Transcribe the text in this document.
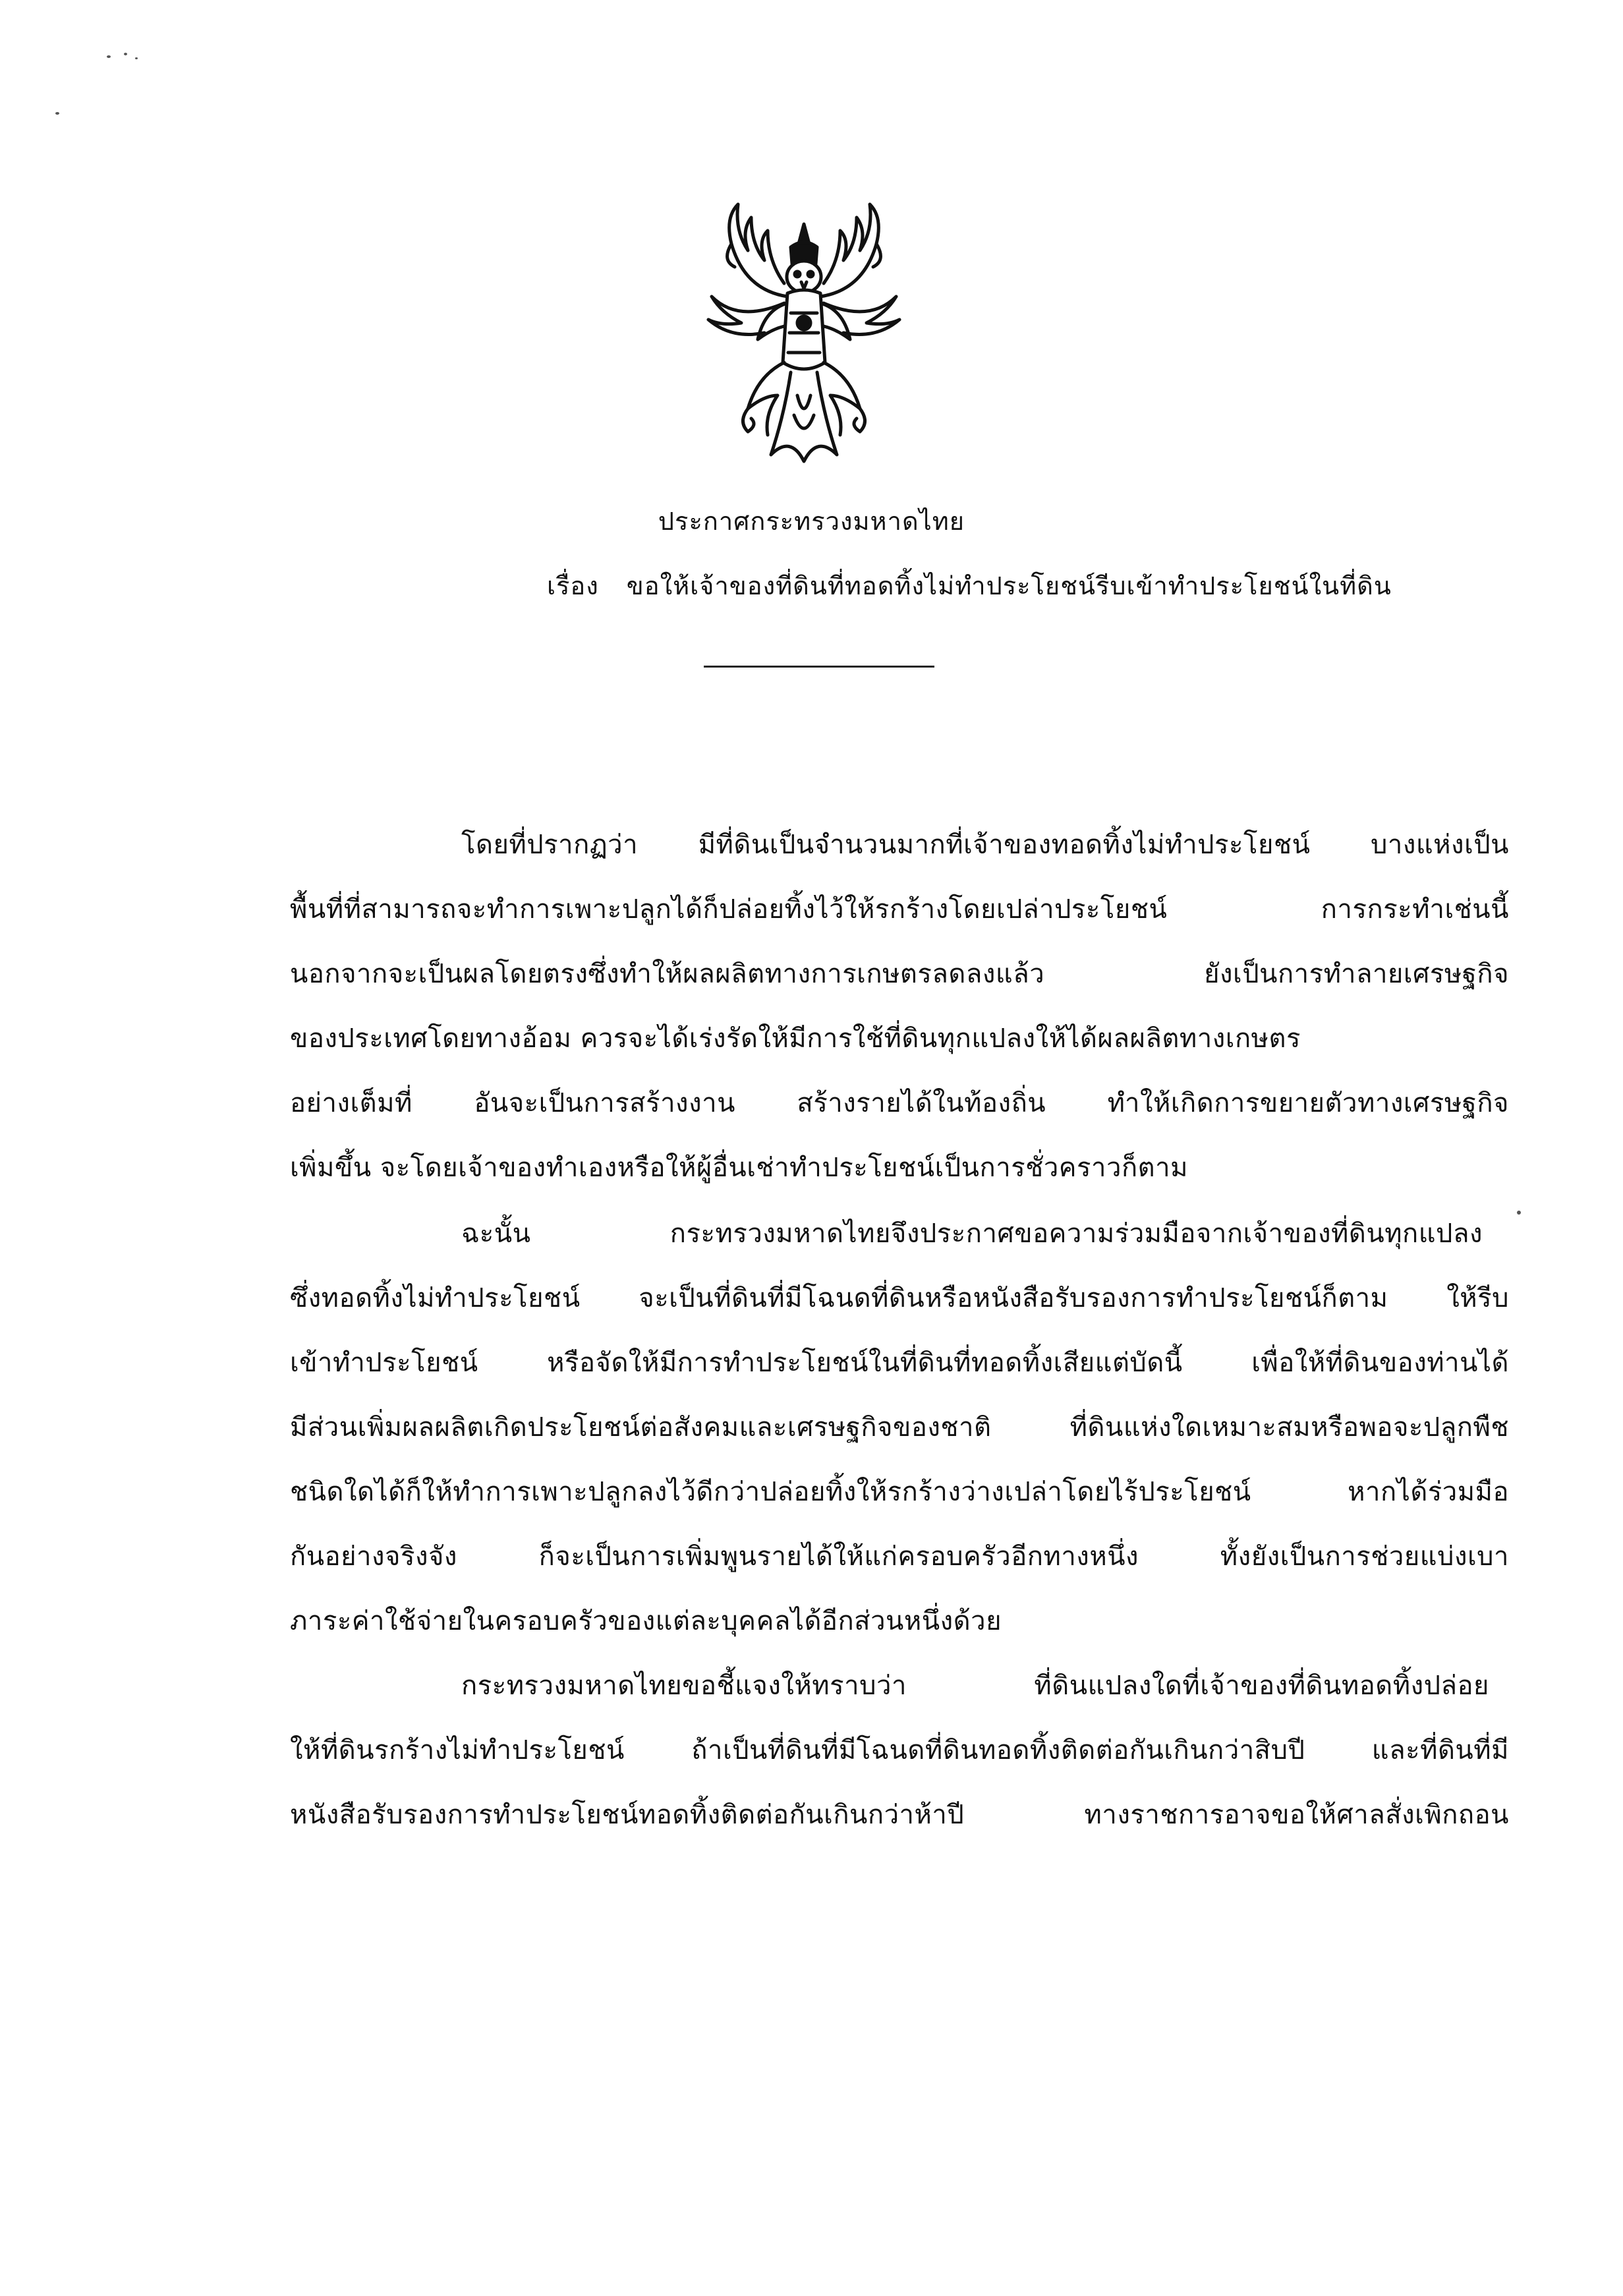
ประกาศกระทรวงมหาดไทย
เรื่อง ขอให้เจ้าของที่ดินที่ทอดทิ้งไม่ทำประโยชน์รีบเข้าทำประโยชน์ในที่ดิน
โดยที่ปรากฏว่า มีที่ดินเป็นจำนวนมากที่เจ้าของทอดทิ้งไม่ทำประโยชน์ บางแห่งเป็น
พื้นที่ที่สามารถจะทำการเพาะปลูกได้ก็ปล่อยทิ้งไว้ให้รกร้างโดยเปล่าประโยชน์ การกระทำเช่นนี้
นอกจากจะเป็นผลโดยตรงซึ่งทำให้ผลผลิตทางการเกษตรลดลงแล้ว ยังเป็นการทำลายเศรษฐกิจ
ของประเทศโดยทางอ้อม ควรจะได้เร่งรัดให้มีการใช้ที่ดินทุกแปลงให้ได้ผลผลิตทางเกษตร
อย่างเต็มที่ อันจะเป็นการสร้างงาน สร้างรายได้ในท้องถิ่น ทำให้เกิดการขยายตัวทางเศรษฐกิจ
เพิ่มขึ้น จะโดยเจ้าของทำเองหรือให้ผู้อื่นเช่าทำประโยชน์เป็นการชั่วคราวก็ตาม
ฉะนั้น กระทรวงมหาดไทยจึงประกาศขอความร่วมมือจากเจ้าของที่ดินทุกแปลง
ซึ่งทอดทิ้งไม่ทำประโยชน์ จะเป็นที่ดินที่มีโฉนดที่ดินหรือหนังสือรับรองการทำประโยชน์ก็ตาม ให้รีบ
เข้าทำประโยชน์ หรือจัดให้มีการทำประโยชน์ในที่ดินที่ทอดทิ้งเสียแต่บัดนี้ เพื่อให้ที่ดินของท่านได้
มีส่วนเพิ่มผลผลิตเกิดประโยชน์ต่อสังคมและเศรษฐกิจของชาติ ที่ดินแห่งใดเหมาะสมหรือพอจะปลูกพืช
ชนิดใดได้ก็ให้ทำการเพาะปลูกลงไว้ดีกว่าปล่อยทิ้งให้รกร้างว่างเปล่าโดยไร้ประโยชน์ หากได้ร่วมมือ
กันอย่างจริงจัง ก็จะเป็นการเพิ่มพูนรายได้ให้แก่ครอบครัวอีกทางหนึ่ง ทั้งยังเป็นการช่วยแบ่งเบา
ภาระค่าใช้จ่ายในครอบครัวของแต่ละบุคคลได้อีกส่วนหนึ่งด้วย
กระทรวงมหาดไทยขอชี้แจงให้ทราบว่า ที่ดินแปลงใดที่เจ้าของที่ดินทอดทิ้งปล่อย
ให้ที่ดินรกร้างไม่ทำประโยชน์ ถ้าเป็นที่ดินที่มีโฉนดที่ดินทอดทิ้งติดต่อกันเกินกว่าสิบปี และที่ดินที่มี
หนังสือรับรองการทำประโยชน์ทอดทิ้งติดต่อกันเกินกว่าห้าปี ทางราชการอาจขอให้ศาลสั่งเพิกถอน
